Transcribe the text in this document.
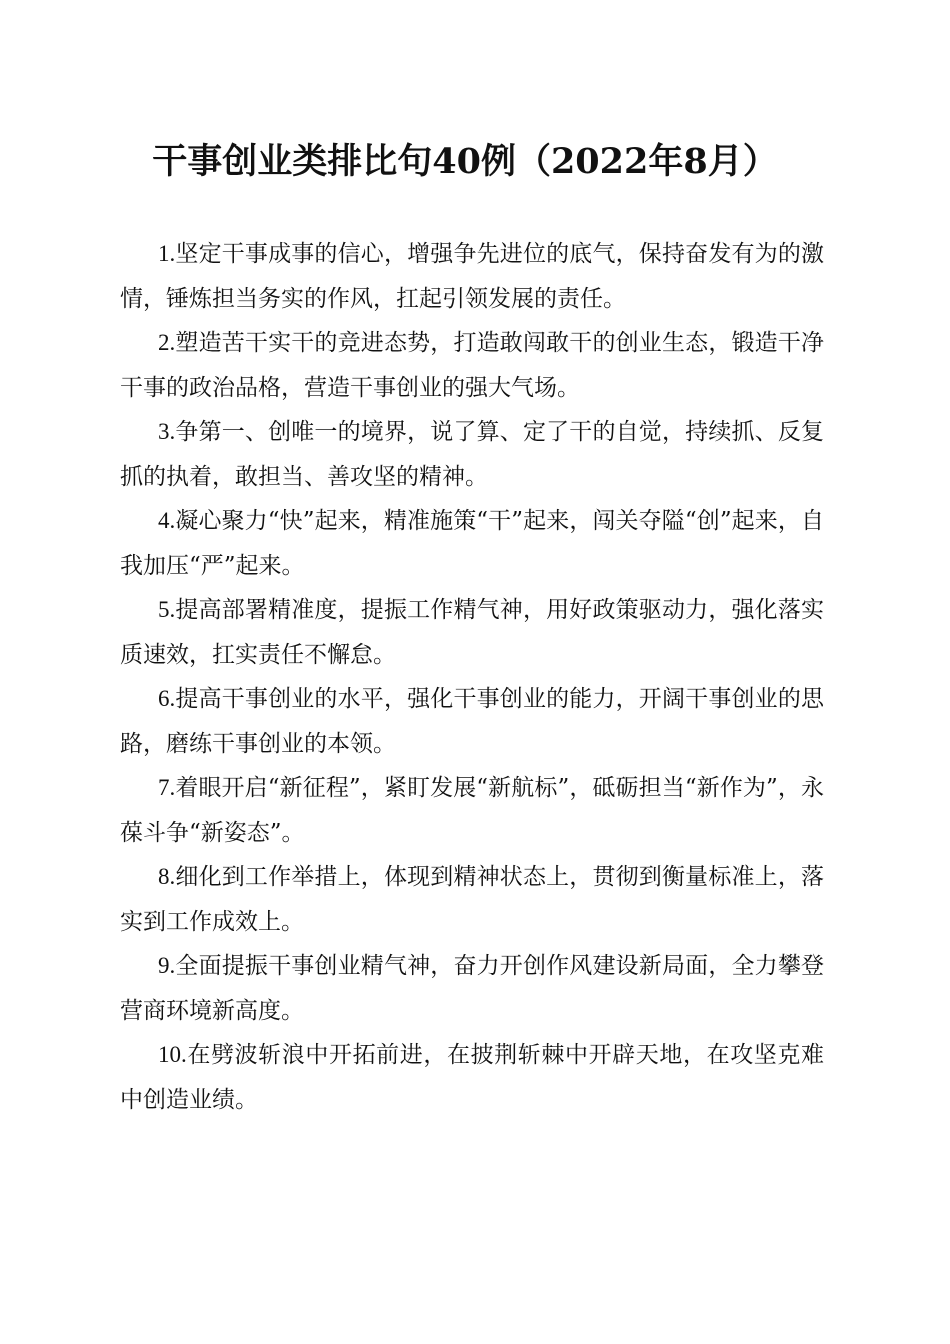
干事创业类排比句40例（2022年8月）

1.坚定干事成事的信心，增强争先进位的底气，保持奋发有为的激情，锤炼担当务实的作风，扛起引领发展的责任。

2.塑造苦干实干的竞进态势，打造敢闯敢干的创业生态，锻造干净干事的政治品格，营造干事创业的强大气场。

3.争第一、创唯一的境界，说了算、定了干的自觉，持续抓、反复抓的执着，敢担当、善攻坚的精神。

4.凝心聚力“快”起来，精准施策“干”起来，闯关夺隘“创”起来，自我加压“严”起来。

5.提高部署精准度，提振工作精气神，用好政策驱动力，强化落实质速效，扛实责任不懈怠。

6.提高干事创业的水平，强化干事创业的能力，开阔干事创业的思路，磨练干事创业的本领。

7.着眼开启“新征程”，紧盯发展“新航标”，砥砺担当“新作为”，永葆斗争“新姿态”。

8.细化到工作举措上，体现到精神状态上，贯彻到衡量标准上，落实到工作成效上。

9.全面提振干事创业精气神，奋力开创作风建设新局面，全力攀登营商环境新高度。

10.在劈波斩浪中开拓前进，在披荆斩棘中开辟天地，在攻坚克难中创造业绩。
